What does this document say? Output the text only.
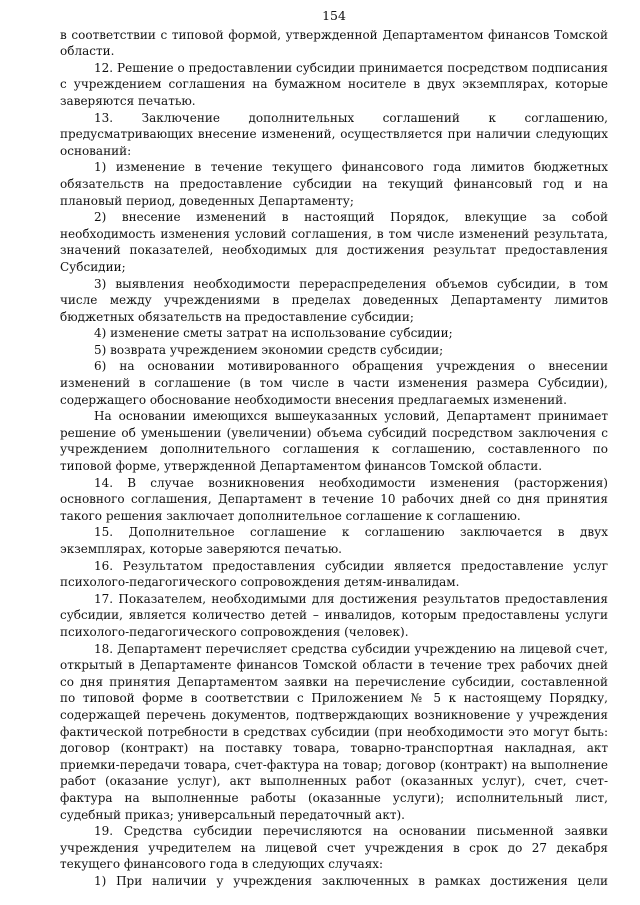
154

в соответствии с типовой формой, утвержденной Департаментом финансов Томской области.

12. Решение о предоставлении субсидии принимается посредством подписания с учреждением соглашения на бумажном носителе в двух экземплярах, которые заверяются печатью.

13. Заключение дополнительных соглашений к соглашению, предусматривающих внесение изменений, осуществляется при наличии следующих оснований:

1) изменение в течение текущего финансового года лимитов бюджетных обязательств на предоставление субсидии на текущий финансовый год и на плановый период, доведенных Департаменту;

2) внесение изменений в настоящий Порядок, влекущие за собой необходимость изменения условий соглашения, в том числе изменений результата, значений показателей, необходимых для достижения результат предоставления Субсидии;

3) выявления необходимости перераспределения объемов субсидии, в том числе между учреждениями в пределах доведенных Департаменту лимитов бюджетных обязательств на предоставление субсидии;

4) изменение сметы затрат на использование субсидии;

5) возврата учреждением экономии средств субсидии;

6) на основании мотивированного обращения учреждения о внесении изменений в соглашение (в том числе в части изменения размера Субсидии), содержащего обоснование необходимости внесения предлагаемых изменений.

На основании имеющихся вышеуказанных условий, Департамент принимает решение об уменьшении (увеличении) объема субсидий посредством заключения с учреждением дополнительного соглашения к соглашению, составленного по типовой форме, утвержденной Департаментом финансов Томской области.

14. В случае возникновения необходимости изменения (расторжения) основного соглашения, Департамент в течение 10 рабочих дней со дня принятия такого решения заключает дополнительное соглашение к соглашению.

15. Дополнительное соглашение к соглашению заключается в двух экземплярах, которые заверяются печатью.

16. Результатом предоставления субсидии является предоставление услуг психолого-педагогического сопровождения детям-инвалидам.

17. Показателем, необходимыми для достижения результатов предоставления субсидии, является количество детей – инвалидов, которым предоставлены услуги психолого-педагогического сопровождения (человек).

18. Департамент перечисляет средства субсидии учреждению на лицевой счет, открытый в Департаменте финансов Томской области в течение трех рабочих дней со дня принятия Департаментом заявки на перечисление субсидии, составленной по типовой форме в соответствии с Приложением № 5 к настоящему Порядку, содержащей перечень документов, подтверждающих возникновение у учреждения фактической потребности в средствах субсидии (при необходимости это могут быть: договор (контракт) на поставку товара, товарно-транспортная накладная, акт приемки-передачи товара, счет-фактура на товар; договор (контракт) на выполнение работ (оказание услуг), акт выполненных работ (оказанных услуг), счет, счет-фактура на выполненные работы (оказанные услуги); исполнительный лист, судебный приказ; универсальный передаточный акт).

19. Средства субсидии перечисляются на основании письменной заявки учреждения учредителем на лицевой счет учреждения в срок до 27 декабря текущего финансового года в следующих случаях:

1) При наличии у учреждения заключенных в рамках достижения цели
